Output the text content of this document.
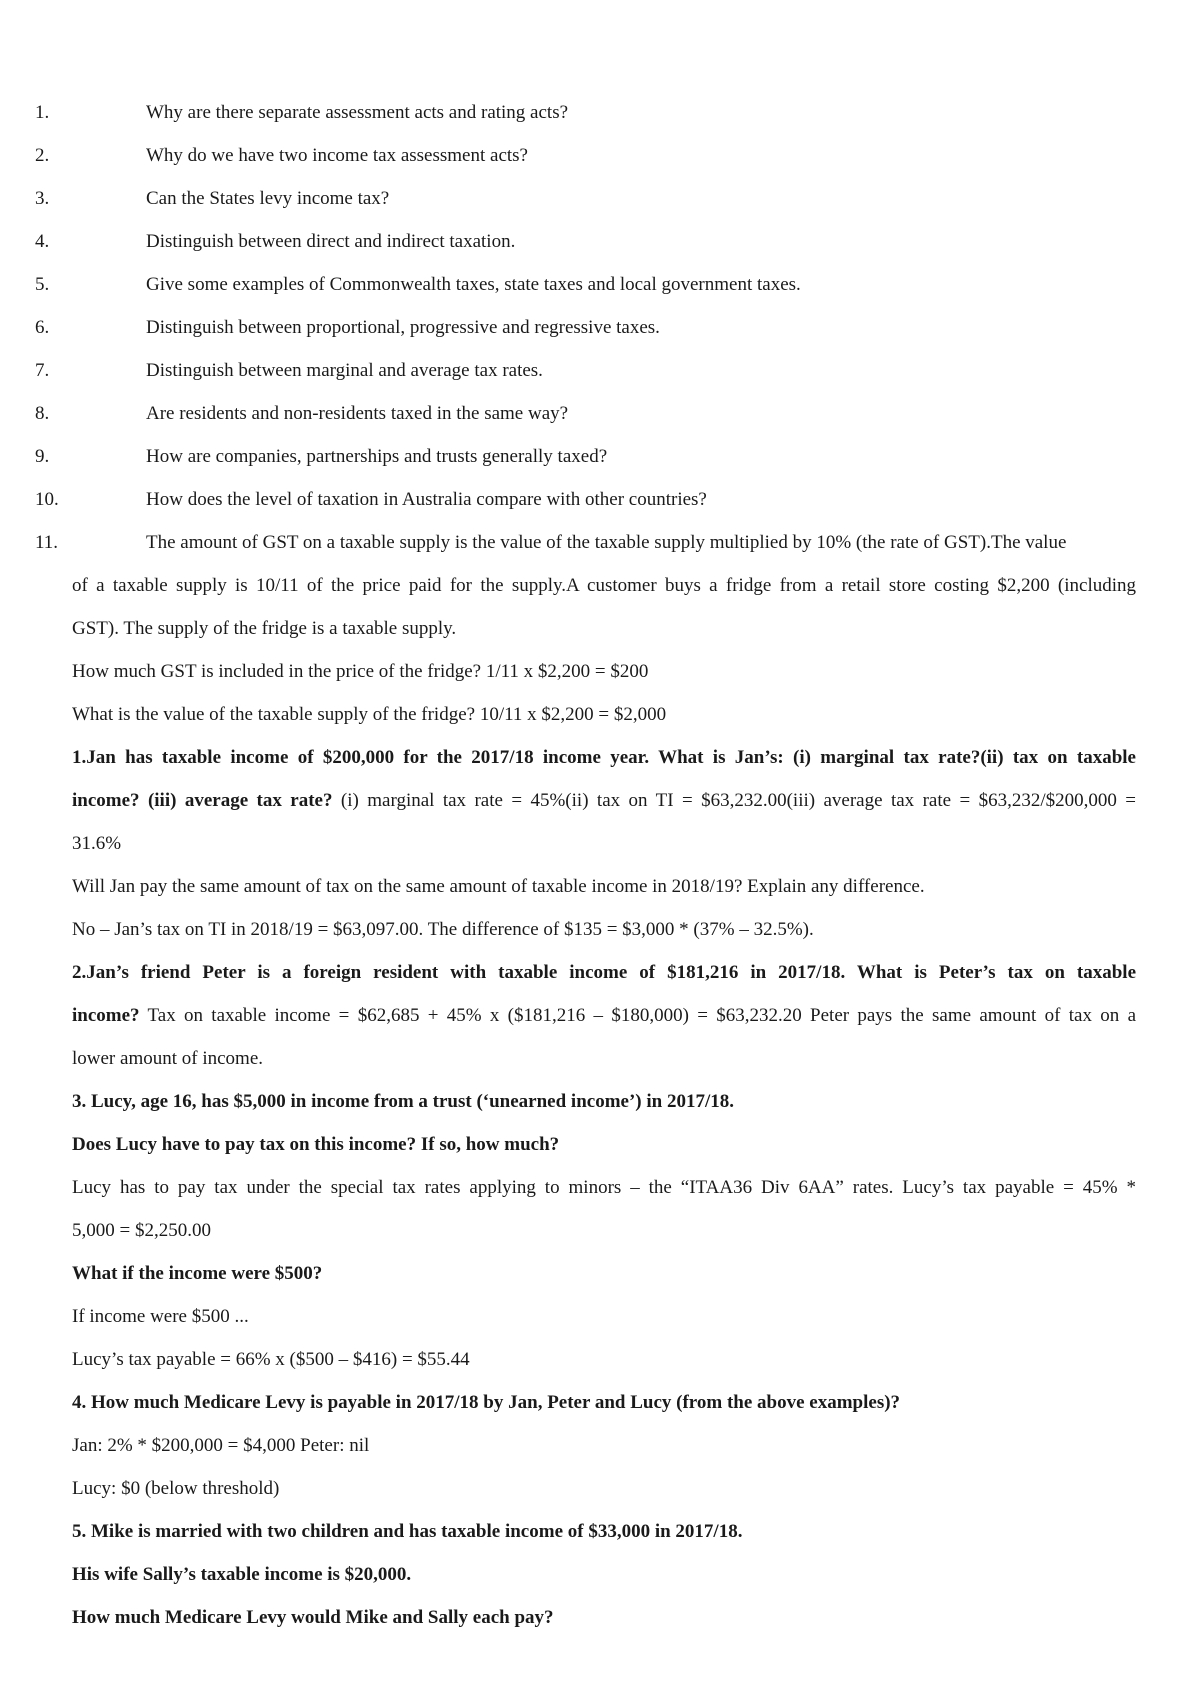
1.	Why are there separate assessment acts and rating acts?
2.	Why do we have two income tax assessment acts?
3.	Can the States levy income tax?
4.	Distinguish between direct and indirect taxation.
5.	Give some examples of Commonwealth taxes, state taxes and local government taxes.
6.	Distinguish between proportional, progressive and regressive taxes.
7.	Distinguish between marginal and average tax rates.
8.	Are residents and non-residents taxed in the same way?
9.	How are companies, partnerships and trusts generally taxed?
10.	How does the level of taxation in Australia compare with other countries?
11.	The amount of GST on a taxable supply is the value of the taxable supply multiplied by 10% (the rate of GST).The value
of a taxable supply is 10/11 of the price paid for the supply.A customer buys a fridge from a retail store costing $2,200 (including
GST). The supply of the fridge is a taxable supply.
How much GST is included in the price of the fridge? 1/11 x $2,200 = $200
What is the value of the taxable supply of the fridge? 10/11 x $2,200 = $2,000
1.Jan has taxable income of $200,000 for the 2017/18 income year. What is Jan’s: (i) marginal tax rate?(ii) tax on taxable
income? (iii) average tax rate? (i) marginal tax rate = 45%(ii) tax on TI = $63,232.00(iii) average tax rate = $63,232/$200,000 =
31.6%
Will Jan pay the same amount of tax on the same amount of taxable income in 2018/19? Explain any difference.
No – Jan’s tax on TI in 2018/19 = $63,097.00. The difference of $135 = $3,000 * (37% – 32.5%).
2.Jan’s friend Peter is a foreign resident with taxable income of $181,216 in 2017/18. What is Peter’s tax on taxable
income? Tax on taxable income = $62,685 + 45% x ($181,216 – $180,000) = $63,232.20 Peter pays the same amount of tax on a
lower amount of income.
3. Lucy, age 16, has $5,000 in income from a trust (‘unearned income’) in 2017/18.
Does Lucy have to pay tax on this income? If so, how much?
Lucy has to pay tax under the special tax rates applying to minors – the “ITAA36 Div 6AA” rates. Lucy’s tax payable = 45% *
5,000 = $2,250.00
What if the income were $500?
If income were $500 ...
Lucy’s tax payable = 66% x ($500 – $416) = $55.44
4. How much Medicare Levy is payable in 2017/18 by Jan, Peter and Lucy (from the above examples)?
Jan: 2% * $200,000 = $4,000 Peter: nil
Lucy: $0 (below threshold)
5. Mike is married with two children and has taxable income of $33,000 in 2017/18.
His wife Sally’s taxable income is $20,000.
How much Medicare Levy would Mike and Sally each pay?
